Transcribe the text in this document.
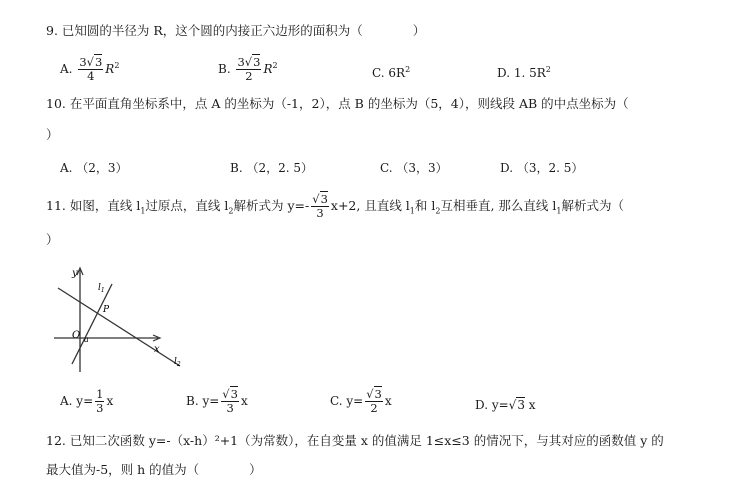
9. 已知圆的半径为 R，这个圆的内接正六边形的面积为（　　　　）
A. $\frac{3√3}{4} R^2$	B. $\frac{3√3}{2} R^2$
C. $6R^2$	D. 1. $5R^2$
10. 在平面直角坐标系中，点 A 的坐标为（-1，2），点 B 的坐标为（5，4），则线段 AB 的中点坐标为（
）
A. （2，3）	B. （2，2. 5）	C. （3，3）	D. （3，2. 5）
11. 如图，直线 $l_1$过原点，直线 $l_2$解析式为 $y=- \frac{√3}{3} x+2$, 且直线 $l_1$和 $l_2$互相垂直, 那么直线 $l_1$解析式为（
）
y
x
O a
P
$l_1$
$l_2$
A. $y= \frac{1}{3}$ x	B. $y= \frac{√3}{3}$ x	C. $y= \frac{√3}{2}$ x	D. y=√3 x
12. 已知二次函数 y=-（x-h）²+1（为常数），在自变量 x 的值满足 1≤x≤3 的情况下，与其对应的函数值 y 的
最大值为-5，则 h 的值为（　　　　）
